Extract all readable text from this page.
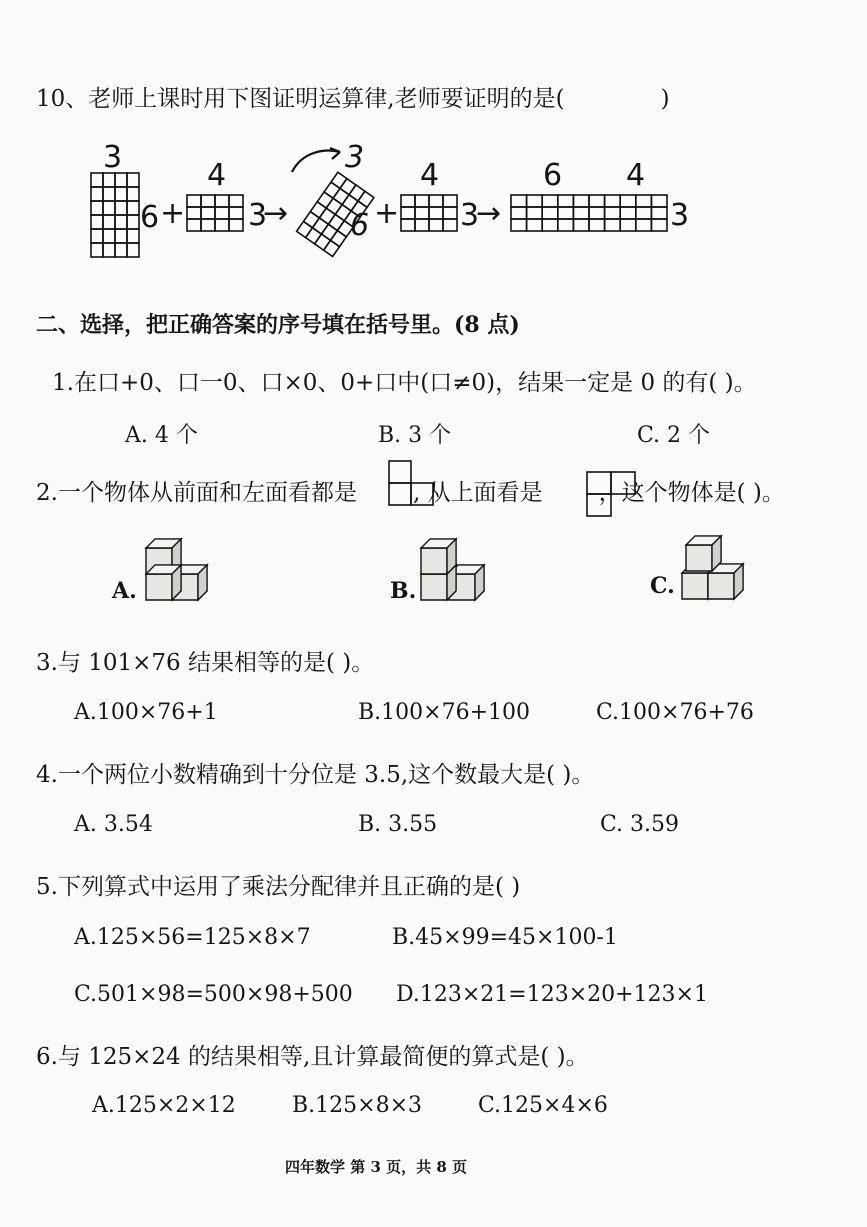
10、老师上课时用下图证明运算律,老师要证明的是(	)
3
6 +
4
3
→
3
6 +
4
3
→
6 4
3
二、选择，把正确答案的序号填在括号里。(8 点)
1.在口+0、口一0、口×0、0+口中(口≠0)，结果一定是 0 的有( )。
A. 4 个	B. 3 个	C. 2 个
2.一个物体从前面和左面看都是 , 从上面看是 ，这个物体是( )。
A.	B.	C.
3.与 101×76 结果相等的是( )。
A.100×76+1	B.100×76+100	C.100×76+76
4.一个两位小数精确到十分位是 3.5,这个数最大是( )。
A. 3.54	B. 3.55	C. 3.59
5.下列算式中运用了乘法分配律并且正确的是( )
A.125×56=125×8×7	B.45×99=45×100-1
C.501×98=500×98+500 D.123×21=123×20+123×1
6.与 125×24 的结果相等,且计算最简便的算式是( )。
A.125×2×12	B.125×8×3	C.125×4×6
四年数学 第 3 页，共 8 页
